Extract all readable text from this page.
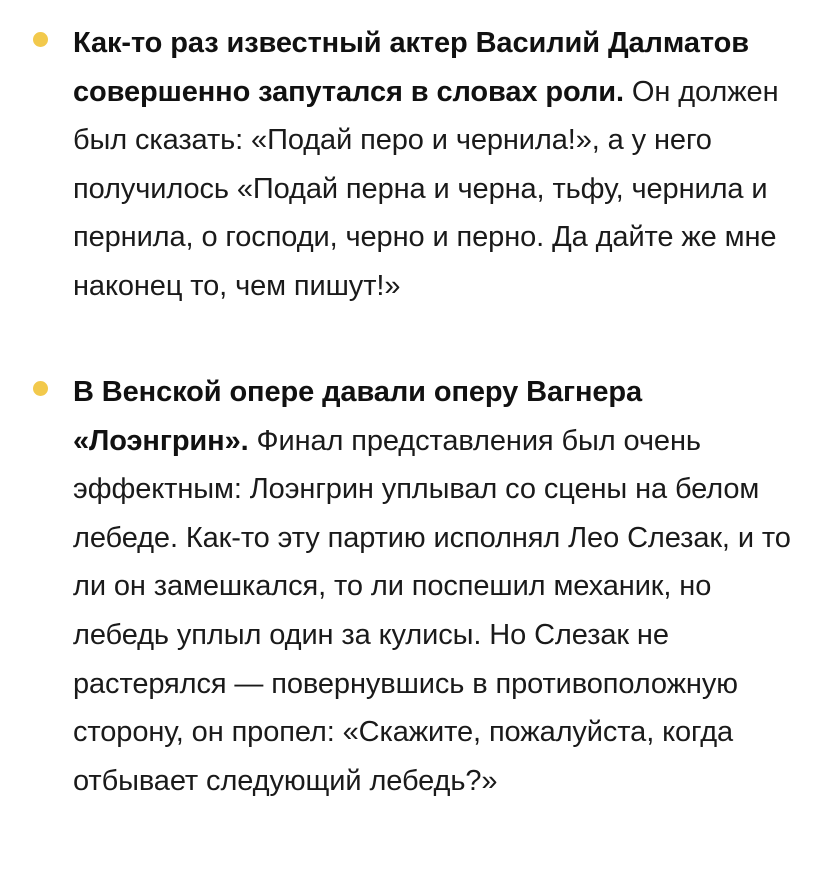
Как-то раз известный актер Василий Далматов совершенно запутался в словах роли. Он должен был сказать: «Подай перо и чернила!», а у него получилось «Подай перна и черна, тьфу, чернила и пернила, о господи, черно и перно. Да дайте же мне наконец то, чем пишут!»

В Венской опере давали оперу Вагнера «Лоэнгрин». Финал представления был очень эффектным: Лоэнгрин уплывал со сцены на белом лебеде. Как-то эту партию исполнял Лео Слезак, и то ли он замешкался, то ли поспешил механик, но лебедь уплыл один за кулисы. Но Слезак не растерялся — повернувшись в противоположную сторону, он пропел: «Скажите, пожалуйста, когда отбывает следующий лебедь?»
